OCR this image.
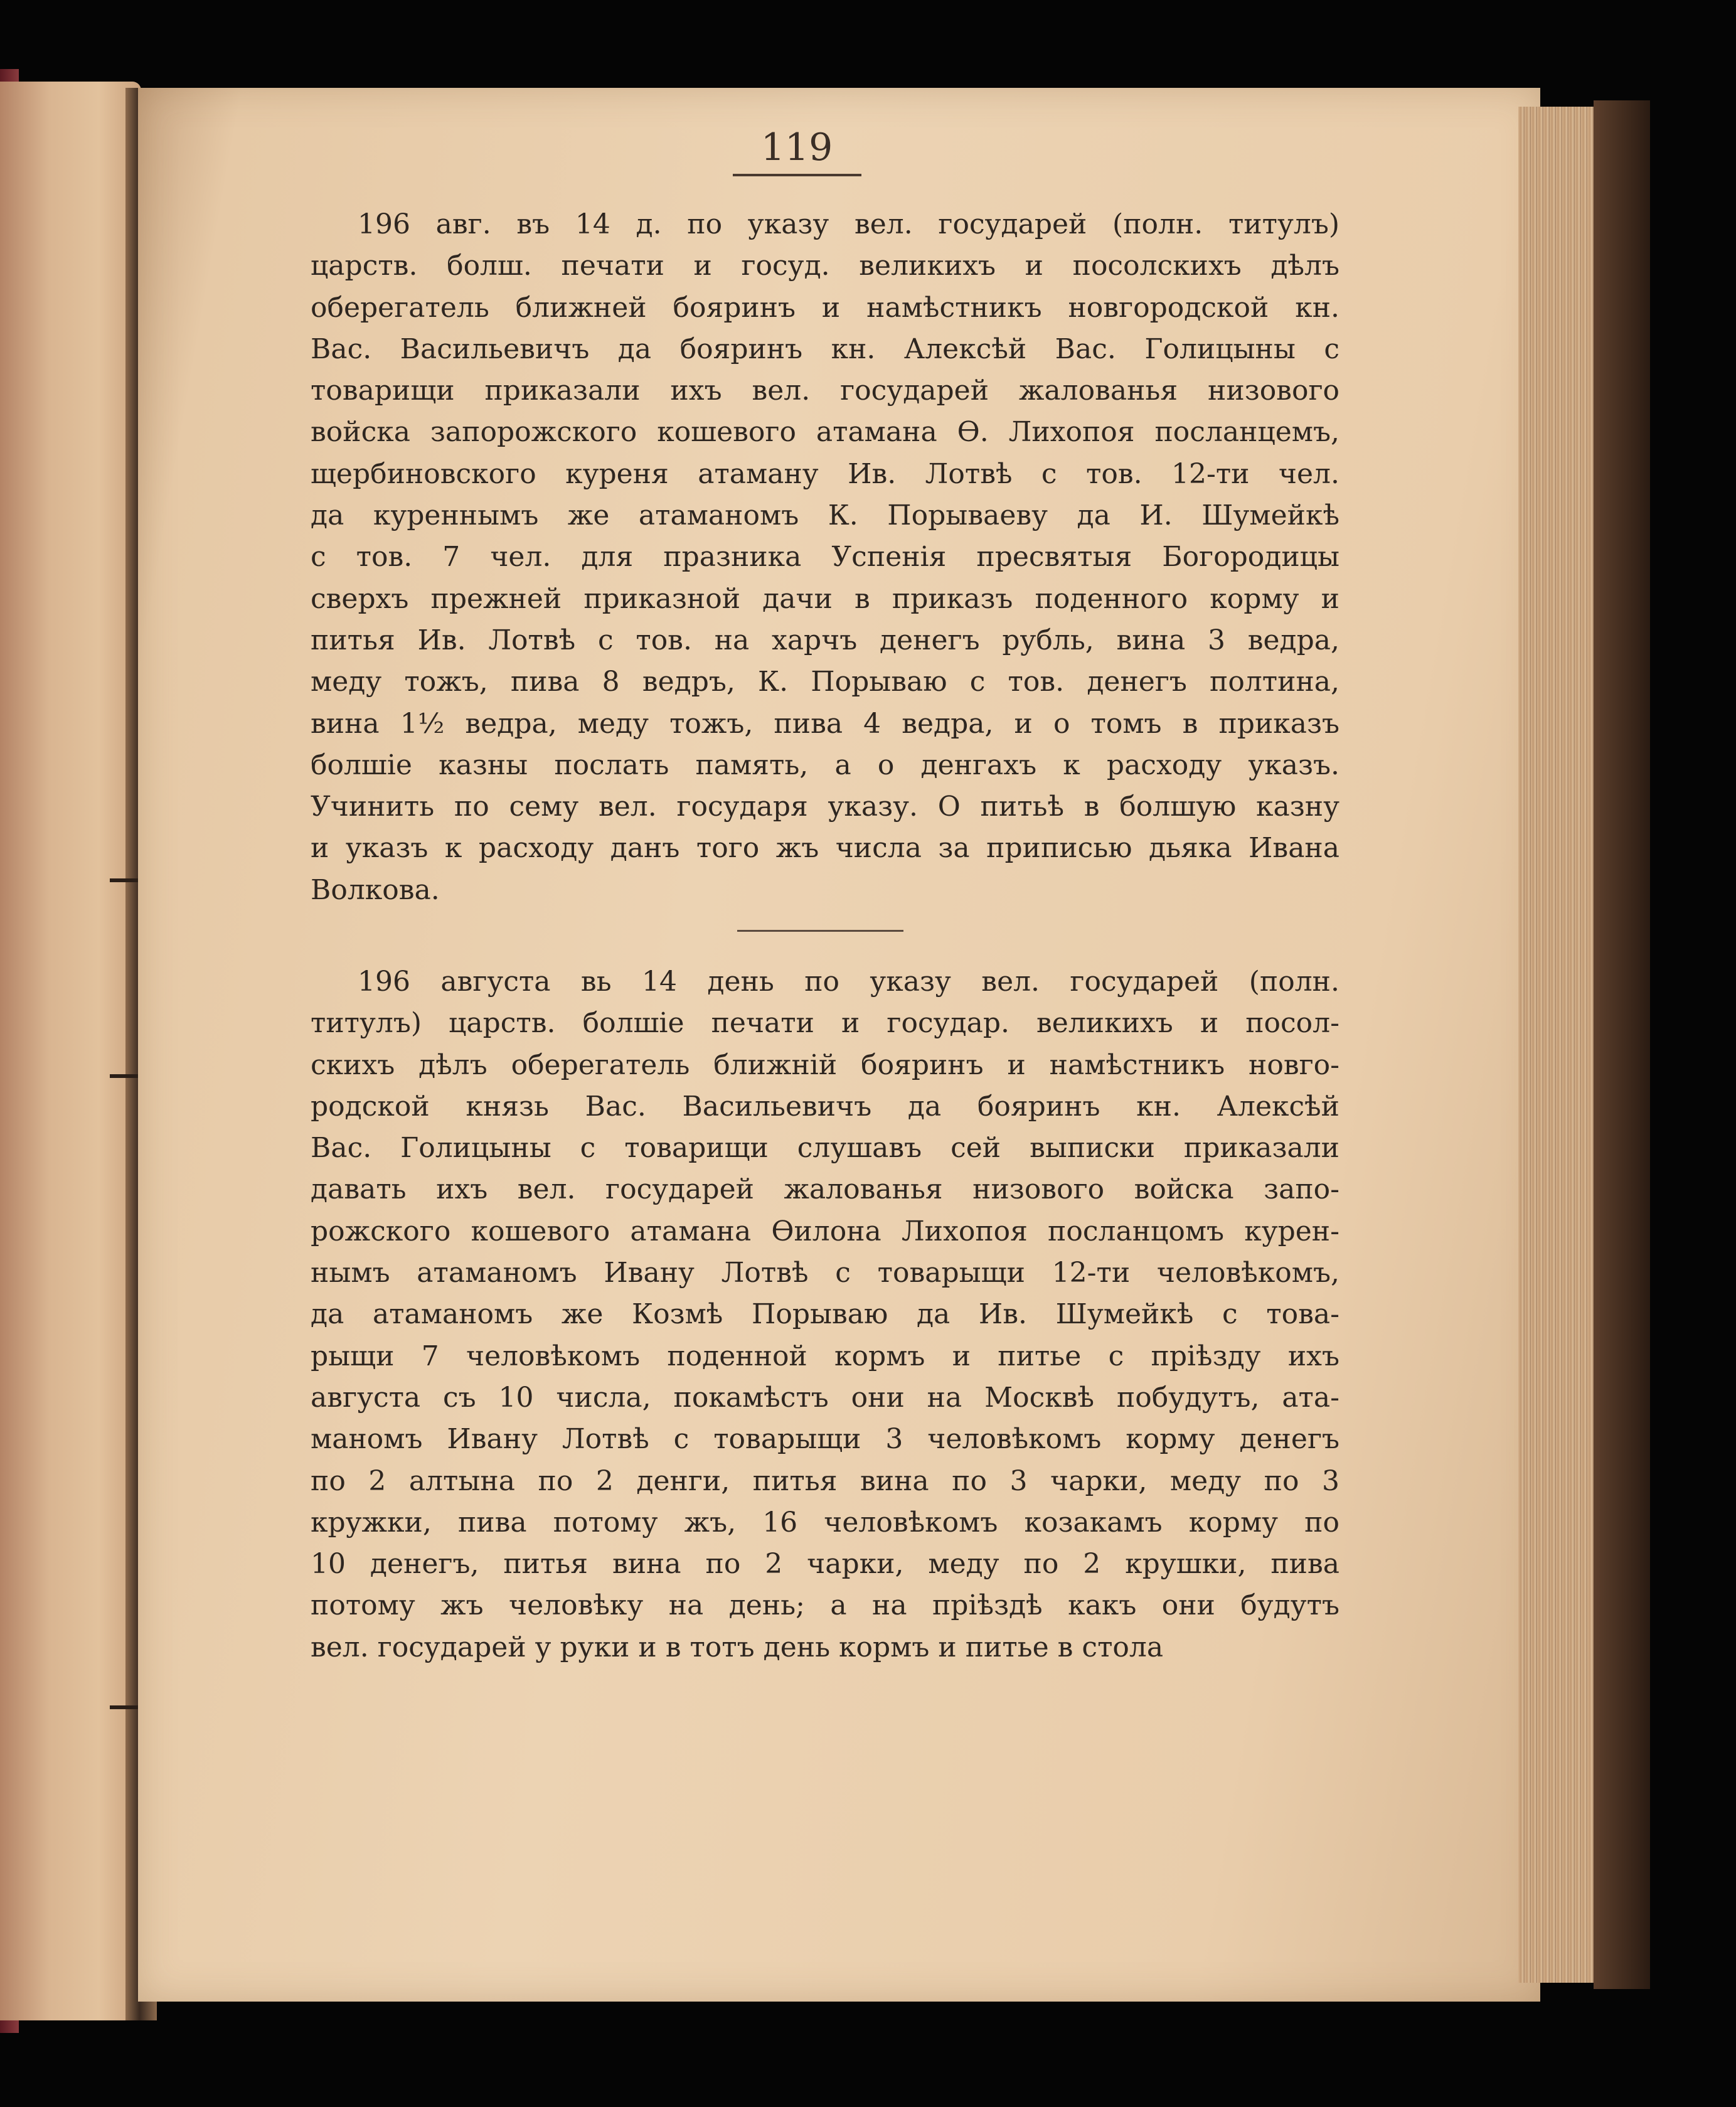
119
196 авг. въ 14 д. по указу вел. государей (полн. титулъ)
царств. болш. печати и госуд. великихъ и посолскихъ дѣлъ
оберегатель ближней бояринъ и намѣстникъ новгородской кн.
Вас. Васильевичъ да бояринъ кн. Алексѣй Вас. Голицыны с
товарищи приказали ихъ вел. государей жалованья низового
войска запорожского кошевого атамана Ѳ. Лихопоя посланцемъ,
щербиновского куреня атаману Ив. Лотвѣ с тов. 12-ти чел.
да куреннымъ же атаманомъ К. Порываеву да И. Шумейкѣ
с тов. 7 чел. для празника Успенія пресвятыя Богородицы
сверхъ прежней приказной дачи в приказъ поденного корму и
питья Ив. Лотвѣ с тов. на харчъ денегъ рубль, вина 3 ведра,
меду тожъ, пива 8 ведръ, К. Порываю с тов. денегъ полтина,
вина 1½ ведра, меду тожъ, пива 4 ведра, и о томъ в приказъ
болшіе казны послать память, а о денгахъ к расходу указъ.
Учинить по сему вел. государя указу. О питьѣ в болшую казну
и указъ к расходу данъ того жъ числа за приписью дьяка Ивана
Волкова.
196 августа вь 14 день по указу вел. государей (полн.
титулъ) царств. болшіе печати и государ. великихъ и посол-
скихъ дѣлъ оберегатель ближній бояринъ и намѣстникъ новго-
родской князь Вас. Васильевичъ да бояринъ кн. Алексѣй
Вас. Голицыны с товарищи слушавъ сей выписки приказали
давать ихъ вел. государей жалованья низового войска запо-
рожского кошевого атамана Ѳилона Лихопоя посланцомъ курен-
нымъ атаманомъ Ивану Лотвѣ с товарыщи 12-ти человѣкомъ,
да атаманомъ же Козмѣ Порываю да Ив. Шумейкѣ с това-
рыщи 7 человѣкомъ поденной кормъ и питье с пріѣзду ихъ
августа съ 10 числа, покамѣстъ они на Москвѣ побудутъ, ата-
маномъ Ивану Лотвѣ с товарыщи 3 человѣкомъ корму денегъ
по 2 алтына по 2 денги, питья вина по 3 чарки, меду по 3
кружки, пива потому жъ, 16 человѣкомъ козакамъ корму по
10 денегъ, питья вина по 2 чарки, меду по 2 крушки, пива
потому жъ человѣку на день; а на пріѣздѣ какъ они будутъ
вел. государей у руки и в тотъ день кормъ и питье в стола
